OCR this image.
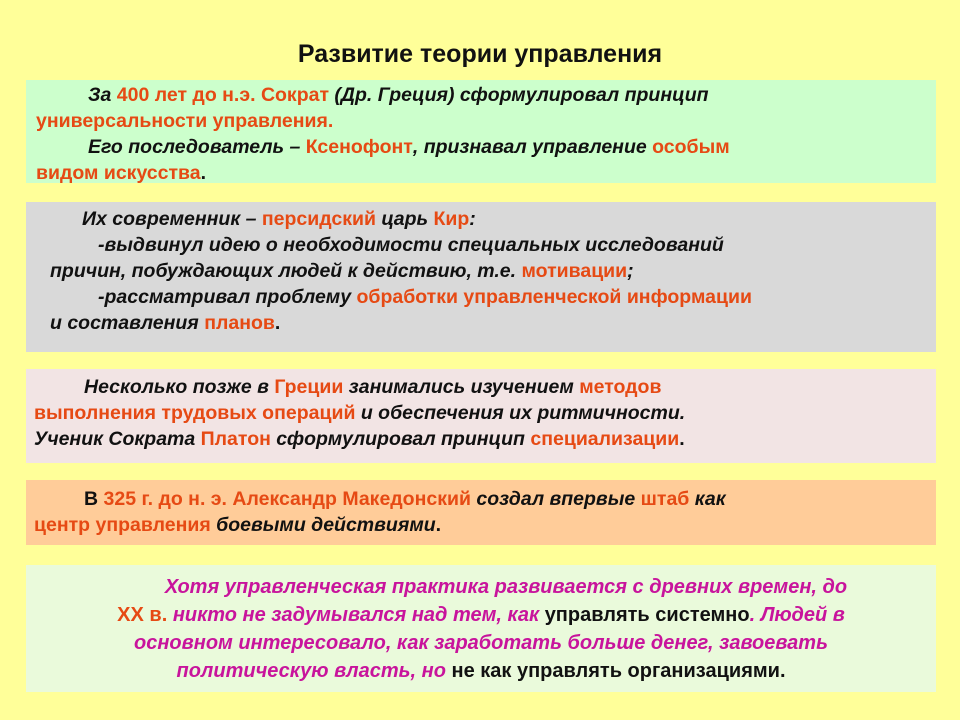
Развитие теории управления
За 400 лет до н.э. Сократ (Др. Греция) сформулировал принцип
универсальности управления.
Его последователь – Ксенофонт, признавал управление особым
видом искусства.
Их современник – персидский царь Кир:
-выдвинул идею о необходимости специальных исследований
причин, побуждающих людей к действию, т.е. мотивации;
-рассматривал проблему обработки управленческой информации
и составления планов.
Несколько позже в Греции занимались изучением методов
выполнения трудовых операций и обеспечения их ритмичности.
Ученик Сократа Платон сформулировал принцип специализации.
В 325 г. до н. э. Александр Македонский создал впервые штаб как
центр управления боевыми действиями.
Хотя управленческая практика развивается с древних времен, до
XX в. никто не задумывался над тем, как управлять системно. Людей в
основном интересовало, как заработать больше денег, завоевать
политическую власть, но не как управлять организациями.
